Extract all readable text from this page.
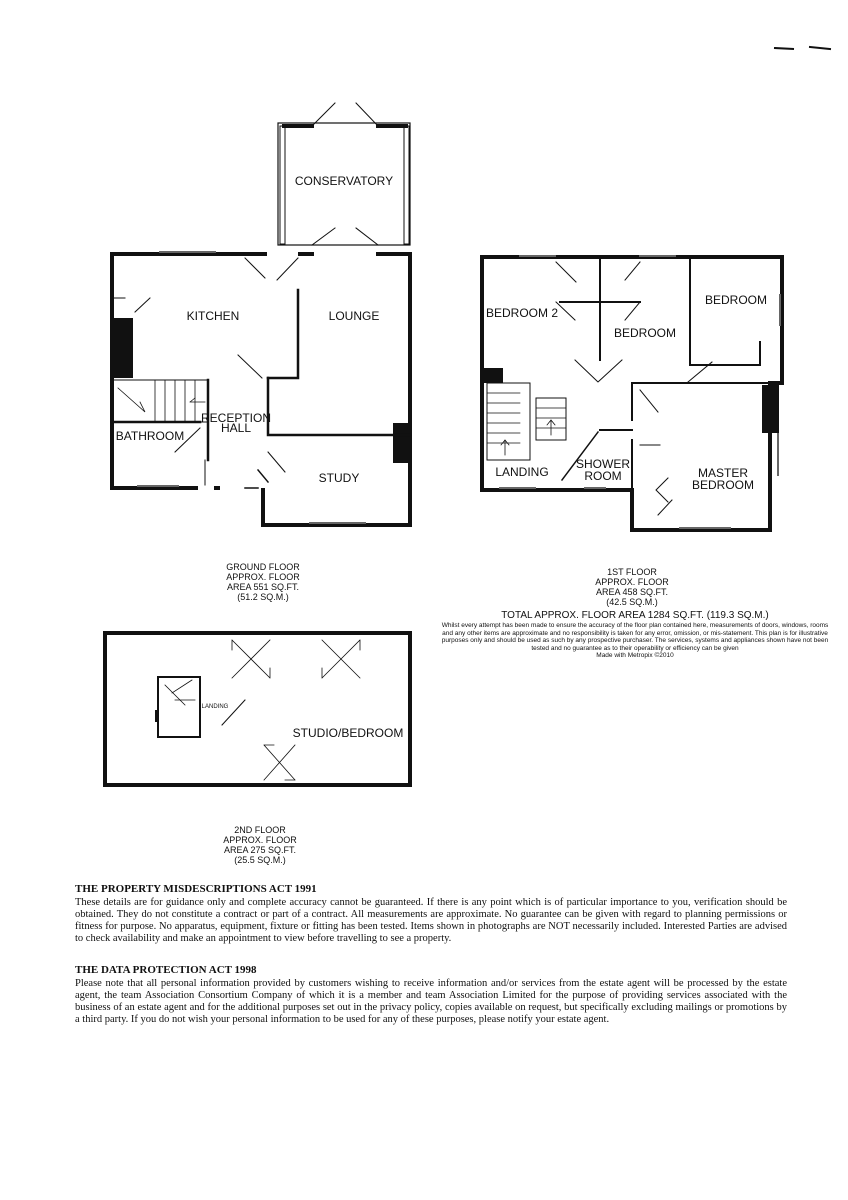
CONSERVATORY
KITCHEN	LOUNGE
RECEPTION
HALL
BATHROOM
STUDY
BEDROOM 2
BEDROOM
BEDROOM
LANDING
SHOWER
ROOM	MASTER
BEDROOM
LANDING
STUDIO/BEDROOM
GROUND FLOOR
APPROX. FLOOR
AREA 551 SQ.FT.
(51.2 SQ.M.)
1ST FLOOR
APPROX. FLOOR
AREA 458 SQ.FT.
(42.5 SQ.M.)
TOTAL APPROX. FLOOR AREA 1284 SQ.FT. (119.3 SQ.M.)
Whilst every attempt has been made to ensure the accuracy of the floor plan contained here, measurements of doors, windows, rooms and any other items are approximate and no responsibility is taken for any error, omission, or mis-statement. This plan is for illustrative purposes only and should be used as such by any prospective purchaser. The services, systems and appliances shown have not been tested and no guarantee as to their operability or efficiency can be given
Made with Metropix ©2010
2ND FLOOR
APPROX. FLOOR
AREA 275 SQ.FT.
(25.5 SQ.M.)
THE PROPERTY MISDESCRIPTIONS ACT 1991

These details are for guidance only and complete accuracy cannot be guaranteed. If there is any point which is of particular importance to you, verification should be obtained. They do not constitute a contract or part of a contract. All measurements are approximate. No guarantee can be given with regard to planning permissions or fitness for purpose. No apparatus, equipment, fixture or fitting has been tested. Items shown in photographs are NOT necessarily included. Interested Parties are advised to check availability and make an appointment to view before travelling to see a property.

THE DATA PROTECTION ACT 1998

Please note that all personal information provided by customers wishing to receive information and/or services from the estate agent will be processed by the estate agent, the team Association Consortium Company of which it is a member and team Association Limited for the purpose of providing services associated with the business of an estate agent and for the additional purposes set out in the privacy policy, copies available on request, but specifically excluding mailings or promotions by a third party. If you do not wish your personal information to be used for any of these purposes, please notify your estate agent.
